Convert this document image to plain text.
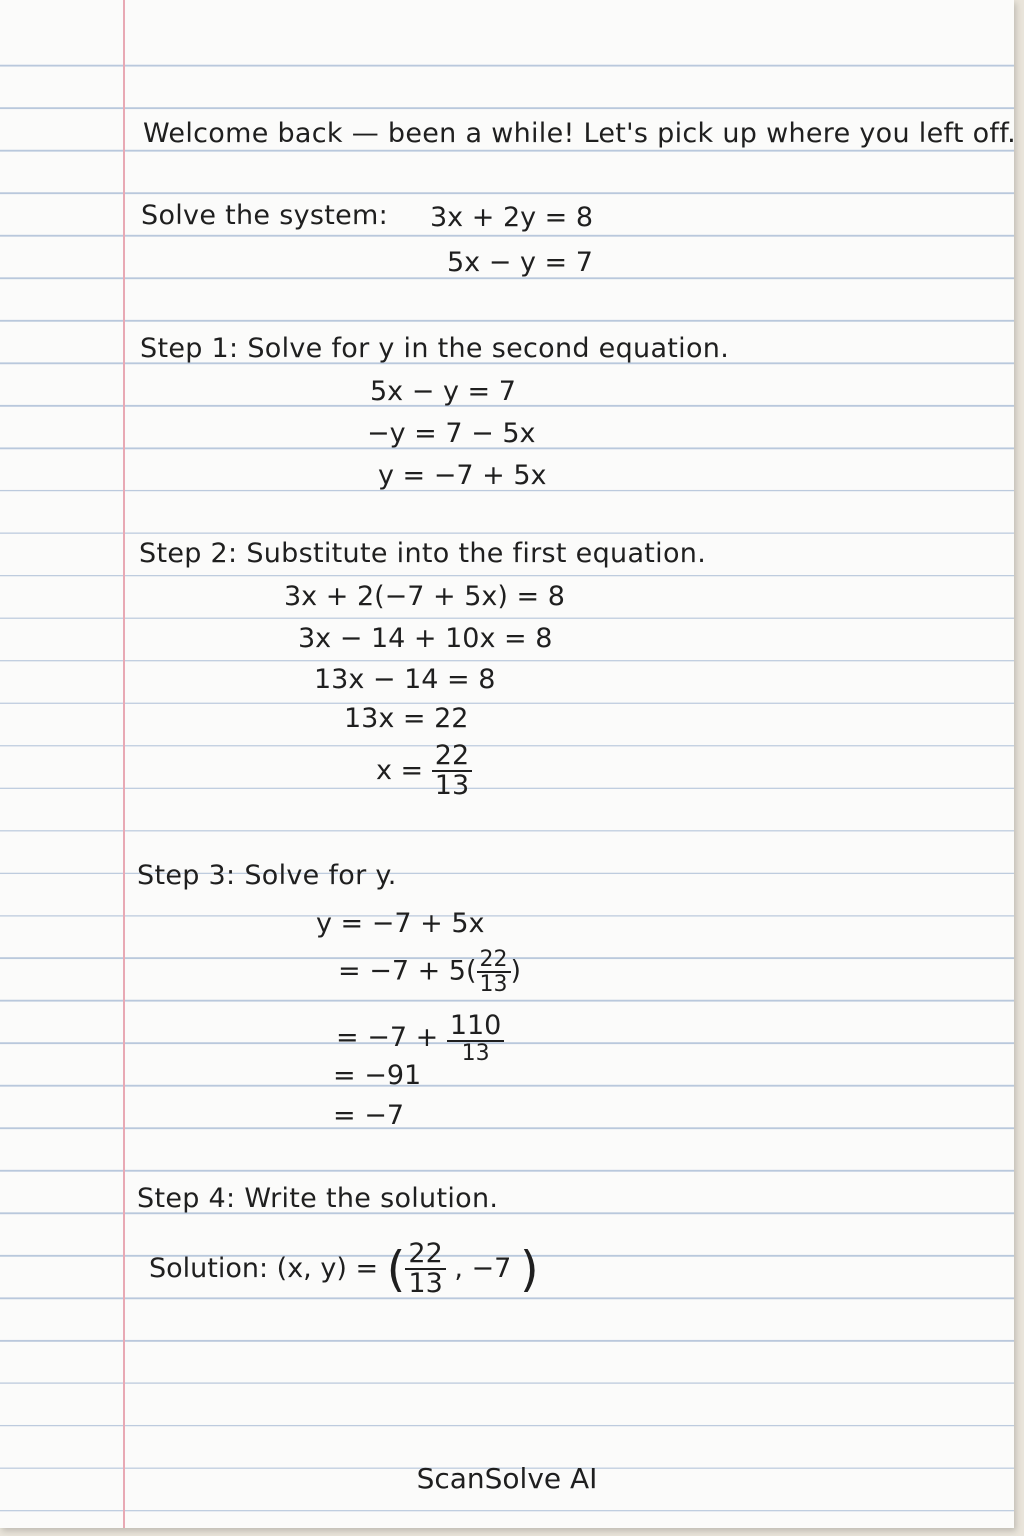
Welcome back — been a while! Let's pick up where you left off.
Solve the system: 3x + 2y = 8
5x − y = 7
Step 1: Solve for y in the second equation.
5x − y = 7
−y = 7 − 5x
y = −7 + 5x
Step 2: Substitute into the first equation.
3x + 2(−7 + 5x) = 8
3x − 14 + 10x = 8
13x − 14 = 8
13x = 22
$x = \frac{22}{13}$
Step 3: Solve for y.
y = −7 + 5x
= $-7 + 5( \frac{22}{13}$ )
= $-7 + \frac{110}{13}$
= −91
= −7
Step 4: Write the solution.
Solution: (x, y) = ( $\frac{22}{13}$ , −7 )
ScanSolve AI
